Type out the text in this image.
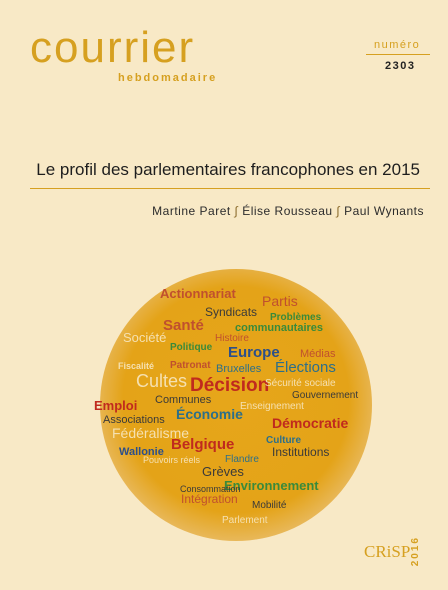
courrier
hebdomadaire
numéro
2303
Le profil des parlementaires francophones en 2015
Martine Paret ∫ Élise Rousseau ∫ Paul Wynants
Actionnariat Partis
Syndicats Problèmes
communautaires
Santé
Société	Histoire
Politique Europe Médias
Fiscalité Patronat Bruxelles Élections
Cultes Décision
Sécurité sociale
Communes	Gouvernement
Emploi	Enseignement
Associations Économie
Démocratie
Fédéralisme
Belgique	Culture
Wallonie
Pouvoirs réels Flandre
Institutions
Grèves
Environnement
Consommation
Intégration Mobilité
Parlement
CRiSP 2016
